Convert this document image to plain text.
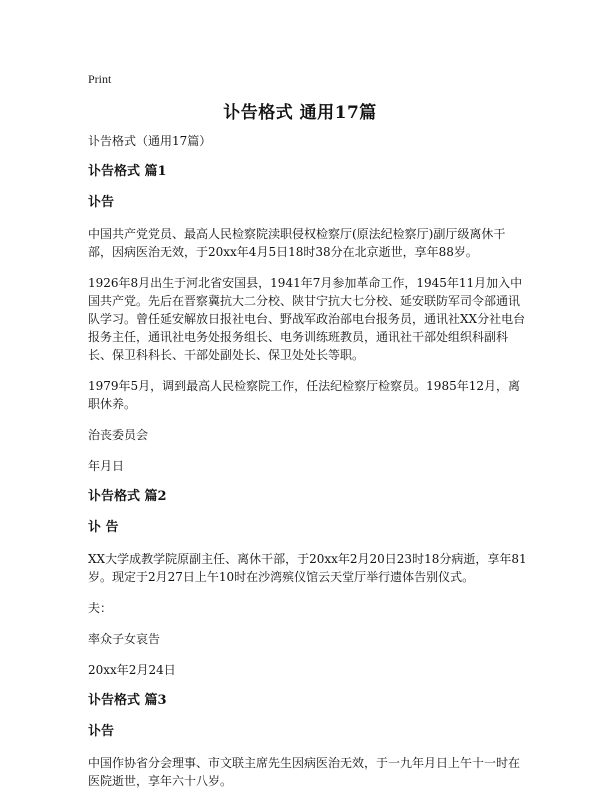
Print
讣告格式 通用17篇

讣告格式（通用17篇）

讣告格式 篇1

讣告

中国共产党党员、最高人民检察院渎职侵权检察厅(原法纪检察厅)副厅级离休干部，因病医治无效，于20xx年4月5日18时38分在北京逝世，享年88岁。

1926年8月出生于河北省安国县，1941年7月参加革命工作，1945年11月加入中国共产党。先后在晋察冀抗大二分校、陕甘宁抗大七分校、延安联防军司令部通讯队学习。曾任延安解放日报社电台、野战军政治部电台报务员，通讯社XX分社电台报务主任，通讯社电务处报务组长、电务训练班教员，通讯社干部处组织科副科长、保卫科科长、干部处副处长、保卫处处长等职。

1979年5月，调到最高人民检察院工作，任法纪检察厅检察员。1985年12月，离职休养。

治丧委员会

年月日

讣告格式 篇2

讣 告

XX大学成教学院原副主任、离休干部，于20xx年2月20日23时18分病逝，享年81岁。现定于2月27日上午10时在沙湾殡仪馆云天堂厅举行遗体告别仪式。

夫：

率众子女哀告

20xx年2月24日

讣告格式 篇3

讣告

中国作协省分会理事、市文联主席先生因病医治无效，于一九年月日上午十一时在医院逝世，享年六十八岁。
